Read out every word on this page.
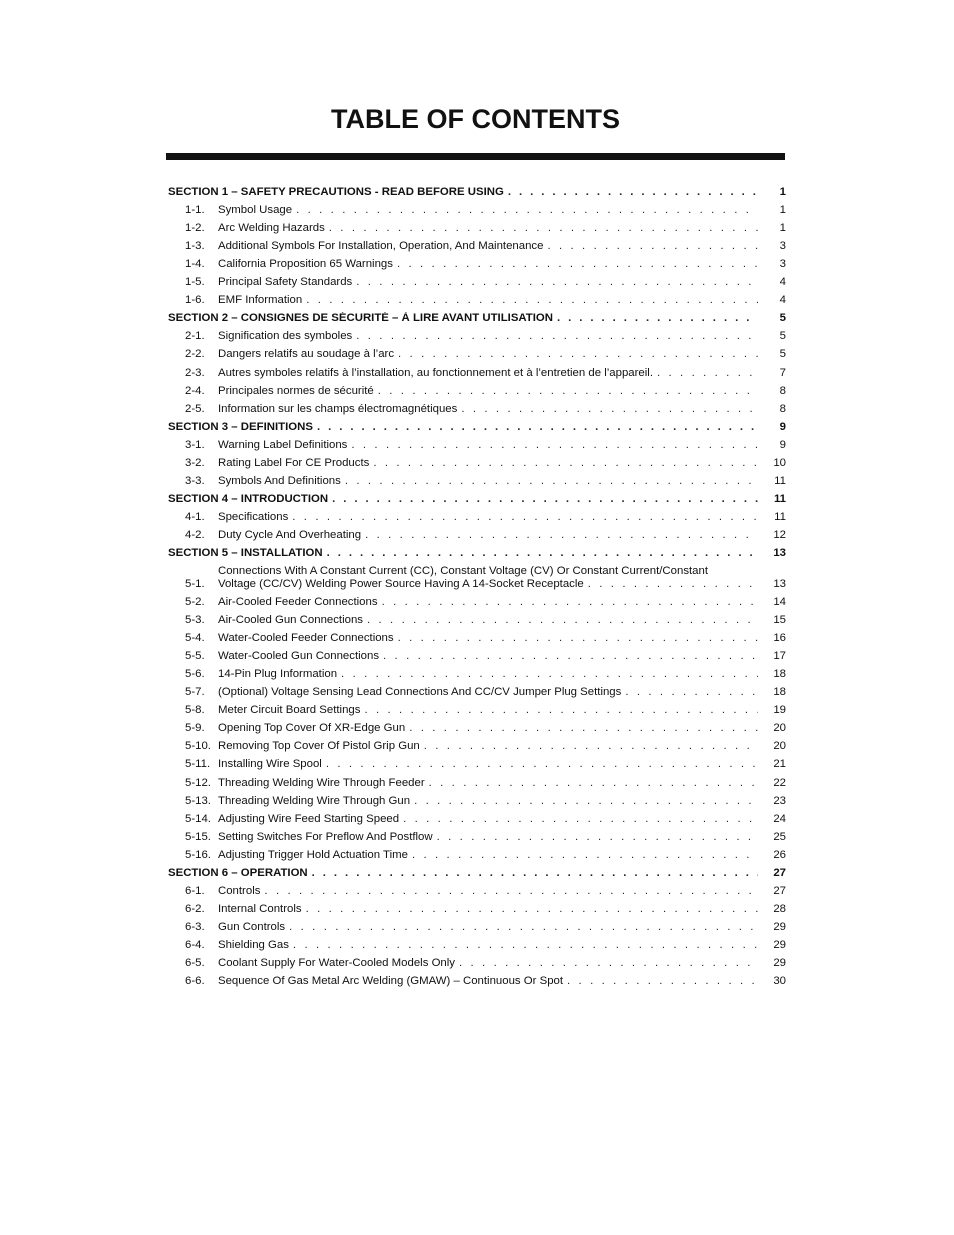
TABLE OF CONTENTS
SECTION 1 – SAFETY PRECAUTIONS - READ BEFORE USING . . .	1
1-1.	Symbol Usage . . .	1
1-2.	Arc Welding Hazards . . .	1
1-3.	Additional Symbols For Installation, Operation, And Maintenance . . .	3
1-4.	California Proposition 65 Warnings . . .	3
1-5.	Principal Safety Standards . . .	4
1-6.	EMF Information . . .	4
SECTION 2 – CONSIGNES DE SÉCURITÉ – À LIRE AVANT UTILISATION . . .	5
2-1.	Signification des symboles . . .	5
2-2.	Dangers relatifs au soudage à l’arc . . .	5
2-3.	Autres symboles relatifs à l’installation, au fonctionnement et à l’entretien de l’appareil. . . .	7
2-4.	Principales normes de sécurité . . .	8
2-5.	Information sur les champs électromagnétiques . . .	8
SECTION 3 – DEFINITIONS . . .	9
3-1.	Warning Label Definitions . . .	9
3-2.	Rating Label For CE Products . . .	10
3-3.	Symbols And Definitions . . .	11
SECTION 4 – INTRODUCTION . . .	11
4-1.	Specifications . . .	11
4-2.	Duty Cycle And Overheating . . .	12
SECTION 5 – INSTALLATION . . .	13
5-1.
Connections With A Constant Current (CC), Constant Voltage (CV) Or Constant Current/Constant
Voltage (CC/CV) Welding Power Source Having A 14-Socket Receptacle . . .	13
5-2.	Air-Cooled Feeder Connections . . .	14
5-3.	Air-Cooled Gun Connections . . .	15
5-4.	Water-Cooled Feeder Connections . . .	16
5-5.	Water-Cooled Gun Connections . . .	17
5-6.	14-Pin Plug Information . . .	18
5-7.	(Optional) Voltage Sensing Lead Connections And CC/CV Jumper Plug Settings . . .	18
5-8.	Meter Circuit Board Settings . . .	19
5-9.	Opening Top Cover Of XR-Edge Gun . . .	20
5-10. Removing Top Cover Of Pistol Grip Gun . . .	20
5-11. Installing Wire Spool . . .	21
5-12. Threading Welding Wire Through Feeder . . .	22
5-13. Threading Welding Wire Through Gun . . .	23
5-14. Adjusting Wire Feed Starting Speed . . .	24
5-15. Setting Switches For Preflow And Postflow . . .	25
5-16. Adjusting Trigger Hold Actuation Time . . .	26
SECTION 6 – OPERATION . . .	27
6-1.	Controls . . .	27
6-2.	Internal Controls . . .	28
6-3.	Gun Controls . . .	29
6-4.	Shielding Gas . . .	29
6-5.	Coolant Supply For Water-Cooled Models Only . . .	29
6-6.	Sequence Of Gas Metal Arc Welding (GMAW) – Continuous Or Spot . . .	30
